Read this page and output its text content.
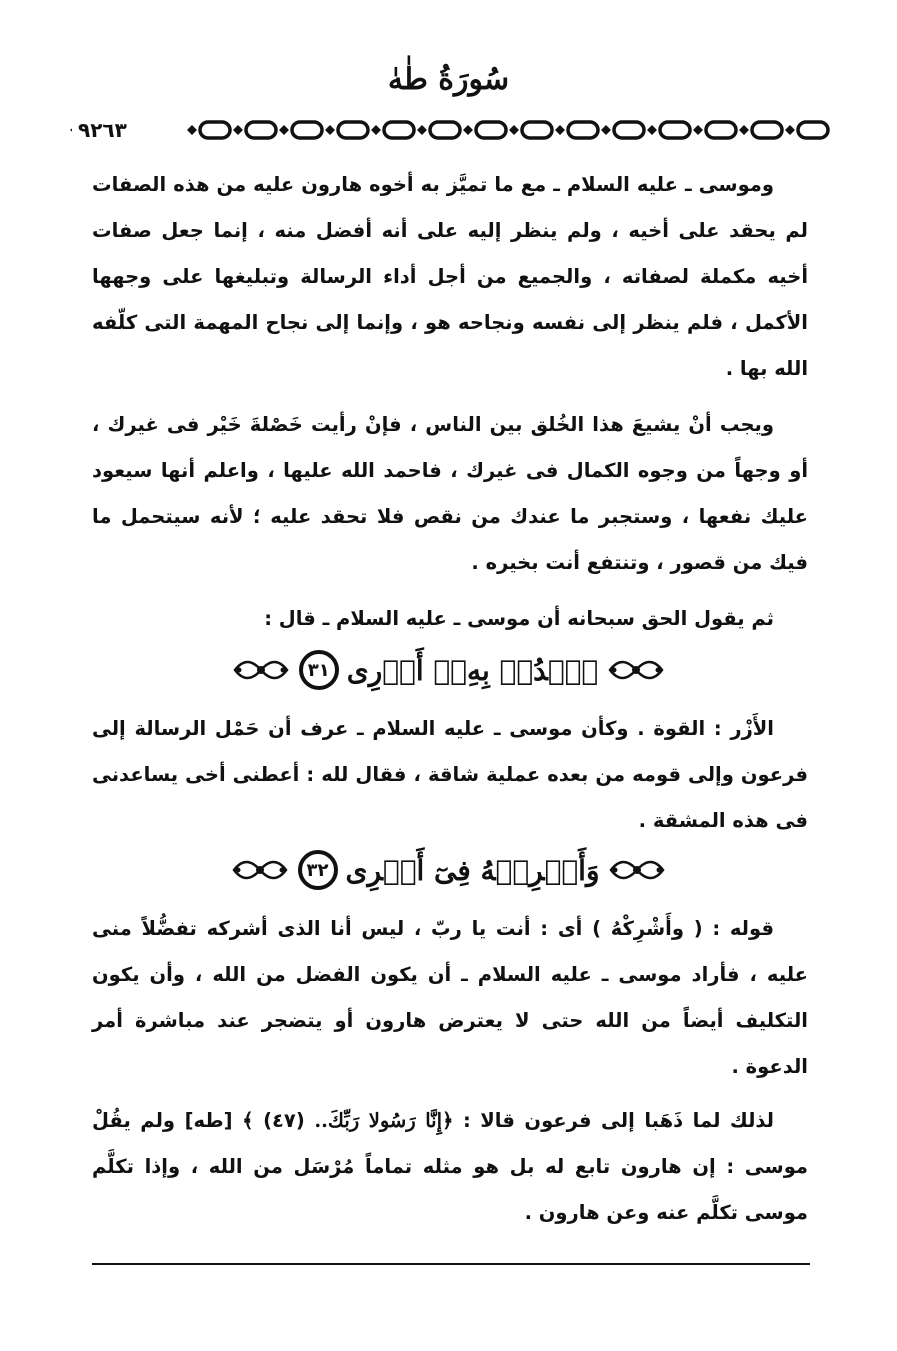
سُورَةُ طٰهٰ
٩٢٦٣

وموسى ـ عليه السلام ـ مع ما تميَّز به أخوه هارون عليه من هذه الصفات لم يحقد على أخيه ، ولم ينظر إليه على أنه أفضل منه ، إنما جعل صفات أخيه مكملة لصفاته ، والجميع من أجل أداء الرسالة وتبليغها على وجهها الأكمل ، فلم ينظر إلى نفسه ونجاحه هو ، وإنما إلى نجاح المهمة التى كلّفه الله بها .

ويجب أنْ يشيعَ هذا الخُلق بين الناس ، فإنْ رأيت خَصْلةَ خَيْر فى غيرك ، أو وجهاً من وجوه الكمال فى غيرك ، فاحمد الله عليها ، واعلم أنها سيعود عليك نفعها ، وستجبر ما عندك من نقص فلا تحقد عليه ؛ لأنه سيتحمل ما فيك من قصور ، وتنتفع أنت بخيره .

ثم يقول الحق سبحانه أن موسى ـ عليه السلام ـ قال :

ٱشۡدُدۡ بِهِۦٓ أَزۡرِى
٣١

الأَزْر : القوة . وكأن موسى ـ عليه السلام ـ عرف أن حَمْل الرسالة إلى فرعون وإلى قومه من بعده عملية شاقة ، فقال لله : أعطنى أخى يساعدنى فى هذه المشقة .

وَأَشۡرِكۡهُ فِىٓ أَمۡرِى
٣٢

قوله : ( وأَشْرِكْهُ ) أى : أنت يا ربّ ، ليس أنا الذى أشركه تفضُّلاً منى عليه ، فأراد موسى ـ عليه السلام ـ أن يكون الفضل من الله ، وأن يكون التكليف أيضاً من الله حتى لا يعترض هارون أو يتضجر عند مباشرة أمر الدعوة .

لذلك لما ذَهَبا إلى فرعون قالا : ﴿إِنَّا رَسُولا رَبِّكَ.. (٤٧) ﴾ [طه] ولم يقُلْ موسى : إن هارون تابع له بل هو مثله تماماً مُرْسَل من الله ، وإذا تكلَّم موسى تكلَّم عنه وعن هارون .
